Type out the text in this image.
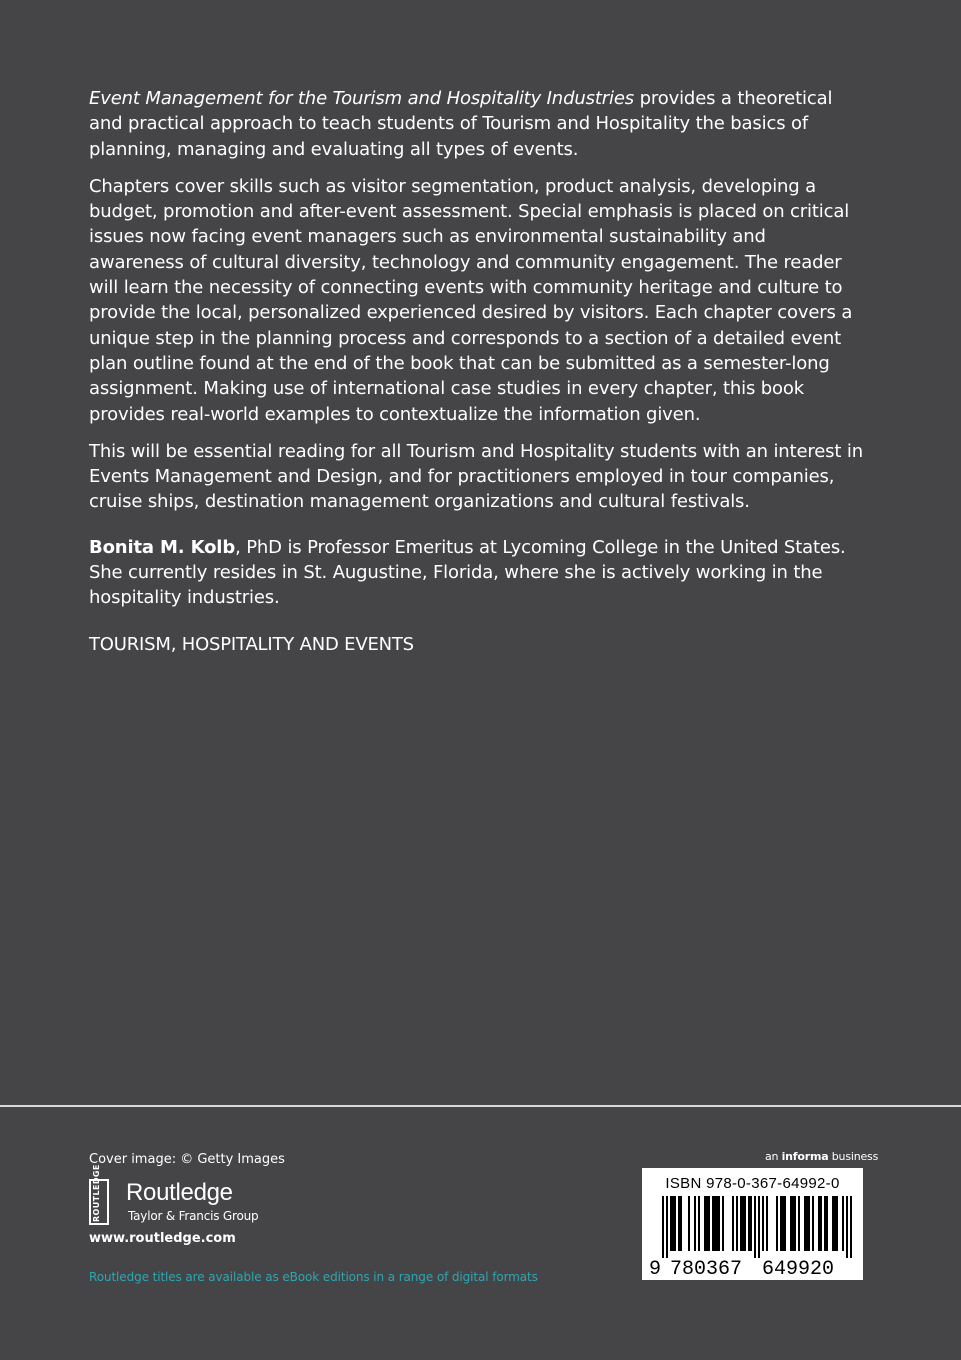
Event Management for the Tourism and Hospitality Industries provides a theoretical and practical approach to teach students of Tourism and Hospitality the basics of planning, managing and evaluating all types of events.

Chapters cover skills such as visitor segmentation, product analysis, developing a budget, promotion and after-event assessment. Special emphasis is placed on critical issues now facing event managers such as environmental sustainability and awareness of cultural diversity, technology and community engagement. The reader will learn the necessity of connecting events with community heritage and culture to provide the local, personalized experienced desired by visitors. Each chapter covers a unique step in the planning process and corresponds to a section of a detailed event plan outline found at the end of the book that can be submitted as a semester-long assignment. Making use of international case studies in every chapter, this book provides real-world examples to contextualize the information given.

This will be essential reading for all Tourism and Hospitality students with an interest in Events Management and Design, and for practitioners employed in tour companies, cruise ships, destination management organizations and cultural festivals.

Bonita M. Kolb, PhD is Professor Emeritus at Lycoming College in the United States. She currently resides in St. Augustine, Florida, where she is actively working in the hospitality industries.

TOURISM, HOSPITALITY AND EVENTS
Cover image: © Getty Images
ROUTLEDGE Routledge
Taylor & Francis Group
www.routledge.com
Routledge titles are available as eBook editions in a range of digital formats
an informa business
ISBN 978-0-367-64992-0
9 780367 649920
